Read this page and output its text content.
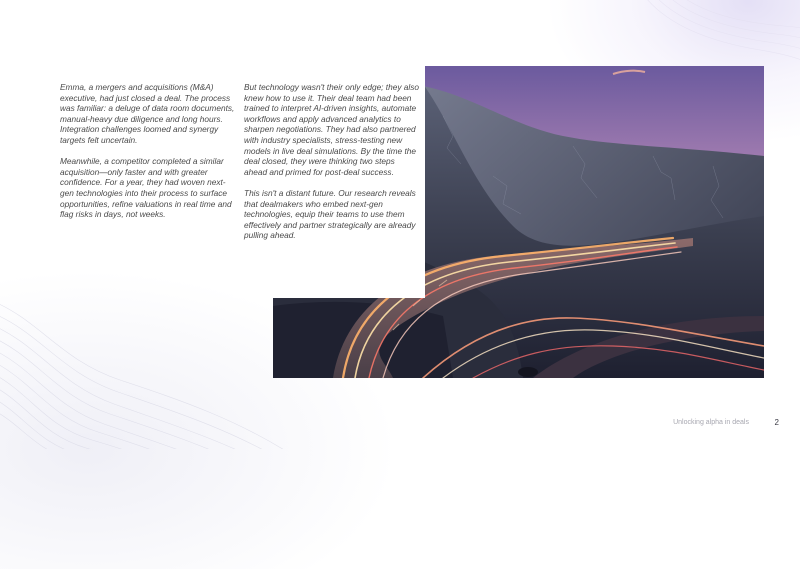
Emma, a mergers and acquisitions (M&A) executive, had just closed a deal. The process was familiar: a deluge of data room documents, manual-heavy due diligence and long hours. Integration challenges loomed and synergy targets felt uncertain.

Meanwhile, a competitor completed a similar acquisition—only faster and with greater confidence. For a year, they had woven next-gen technologies into their process to surface opportunities, refine valuations in real time and flag risks in days, not weeks.

But technology wasn't their only edge; they also knew how to use it. Their deal team had been trained to interpret AI-driven insights, automate workflows and apply advanced analytics to sharpen negotiations. They had also partnered with industry specialists, stress-testing new models in live deal simulations. By the time the deal closed, they were thinking two steps ahead and primed for post-deal success.

This isn't a distant future. Our research reveals that dealmakers who embed next-gen technologies, equip their teams to use them effectively and partner strategically are already pulling ahead.

Unlocking alpha in deals	2
